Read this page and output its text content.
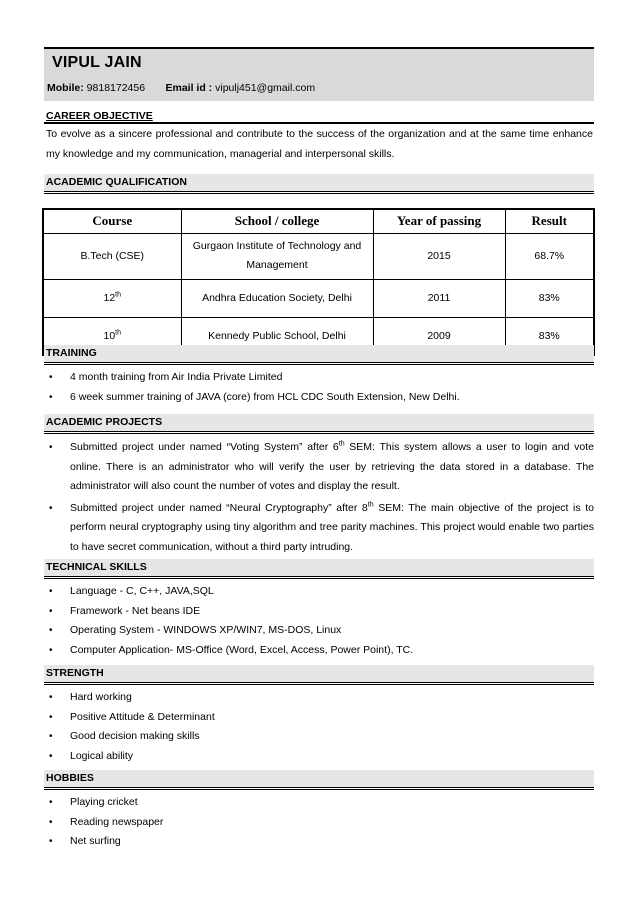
VIPUL JAIN
Mobile: 9818172456 Email id : vipulj451@gmail.com
CAREER OBJECTIVE
To evolve as a sincere professional and contribute to the success of the organization and at the same time enhance my knowledge and my communication, managerial and interpersonal skills.
ACADEMIC QUALIFICATION
Course	School / college	Year of passing	Result
B.Tech (CSE)	Gurgaon Institute of Technology and Management	2015	68.7%
12th	Andhra Education Society, Delhi	2011	83%
10th	Kennedy Public School, Delhi	2009	83%
TRAINING
• 4 month training from Air India Private Limited
• 6 week summer training of JAVA (core) from HCL CDC South Extension, New Delhi.
ACADEMIC PROJECTS
• Submitted project under named “Voting System” after 6th SEM: This system allows a user to login and vote online. There is an administrator who will verify the user by retrieving the data stored in a database. The administrator will also count the number of votes and display the result.
• Submitted project under named “Neural Cryptography” after 8th SEM: The main objective of the project is to perform neural cryptography using tiny algorithm and tree parity machines. This project would enable two parties to have secret communication, without a third party intruding.
TECHNICAL SKILLS
• Language - C, C++, JAVA,SQL
• Framework - Net beans IDE
• Operating System - WINDOWS XP/WIN7, MS-DOS, Linux
• Computer Application- MS-Office (Word, Excel, Access, Power Point), TC.
STRENGTH
• Hard working
• Positive Attitude & Determinant
• Good decision making skills
• Logical ability
HOBBIES
• Playing cricket
• Reading newspaper
• Net surfing
